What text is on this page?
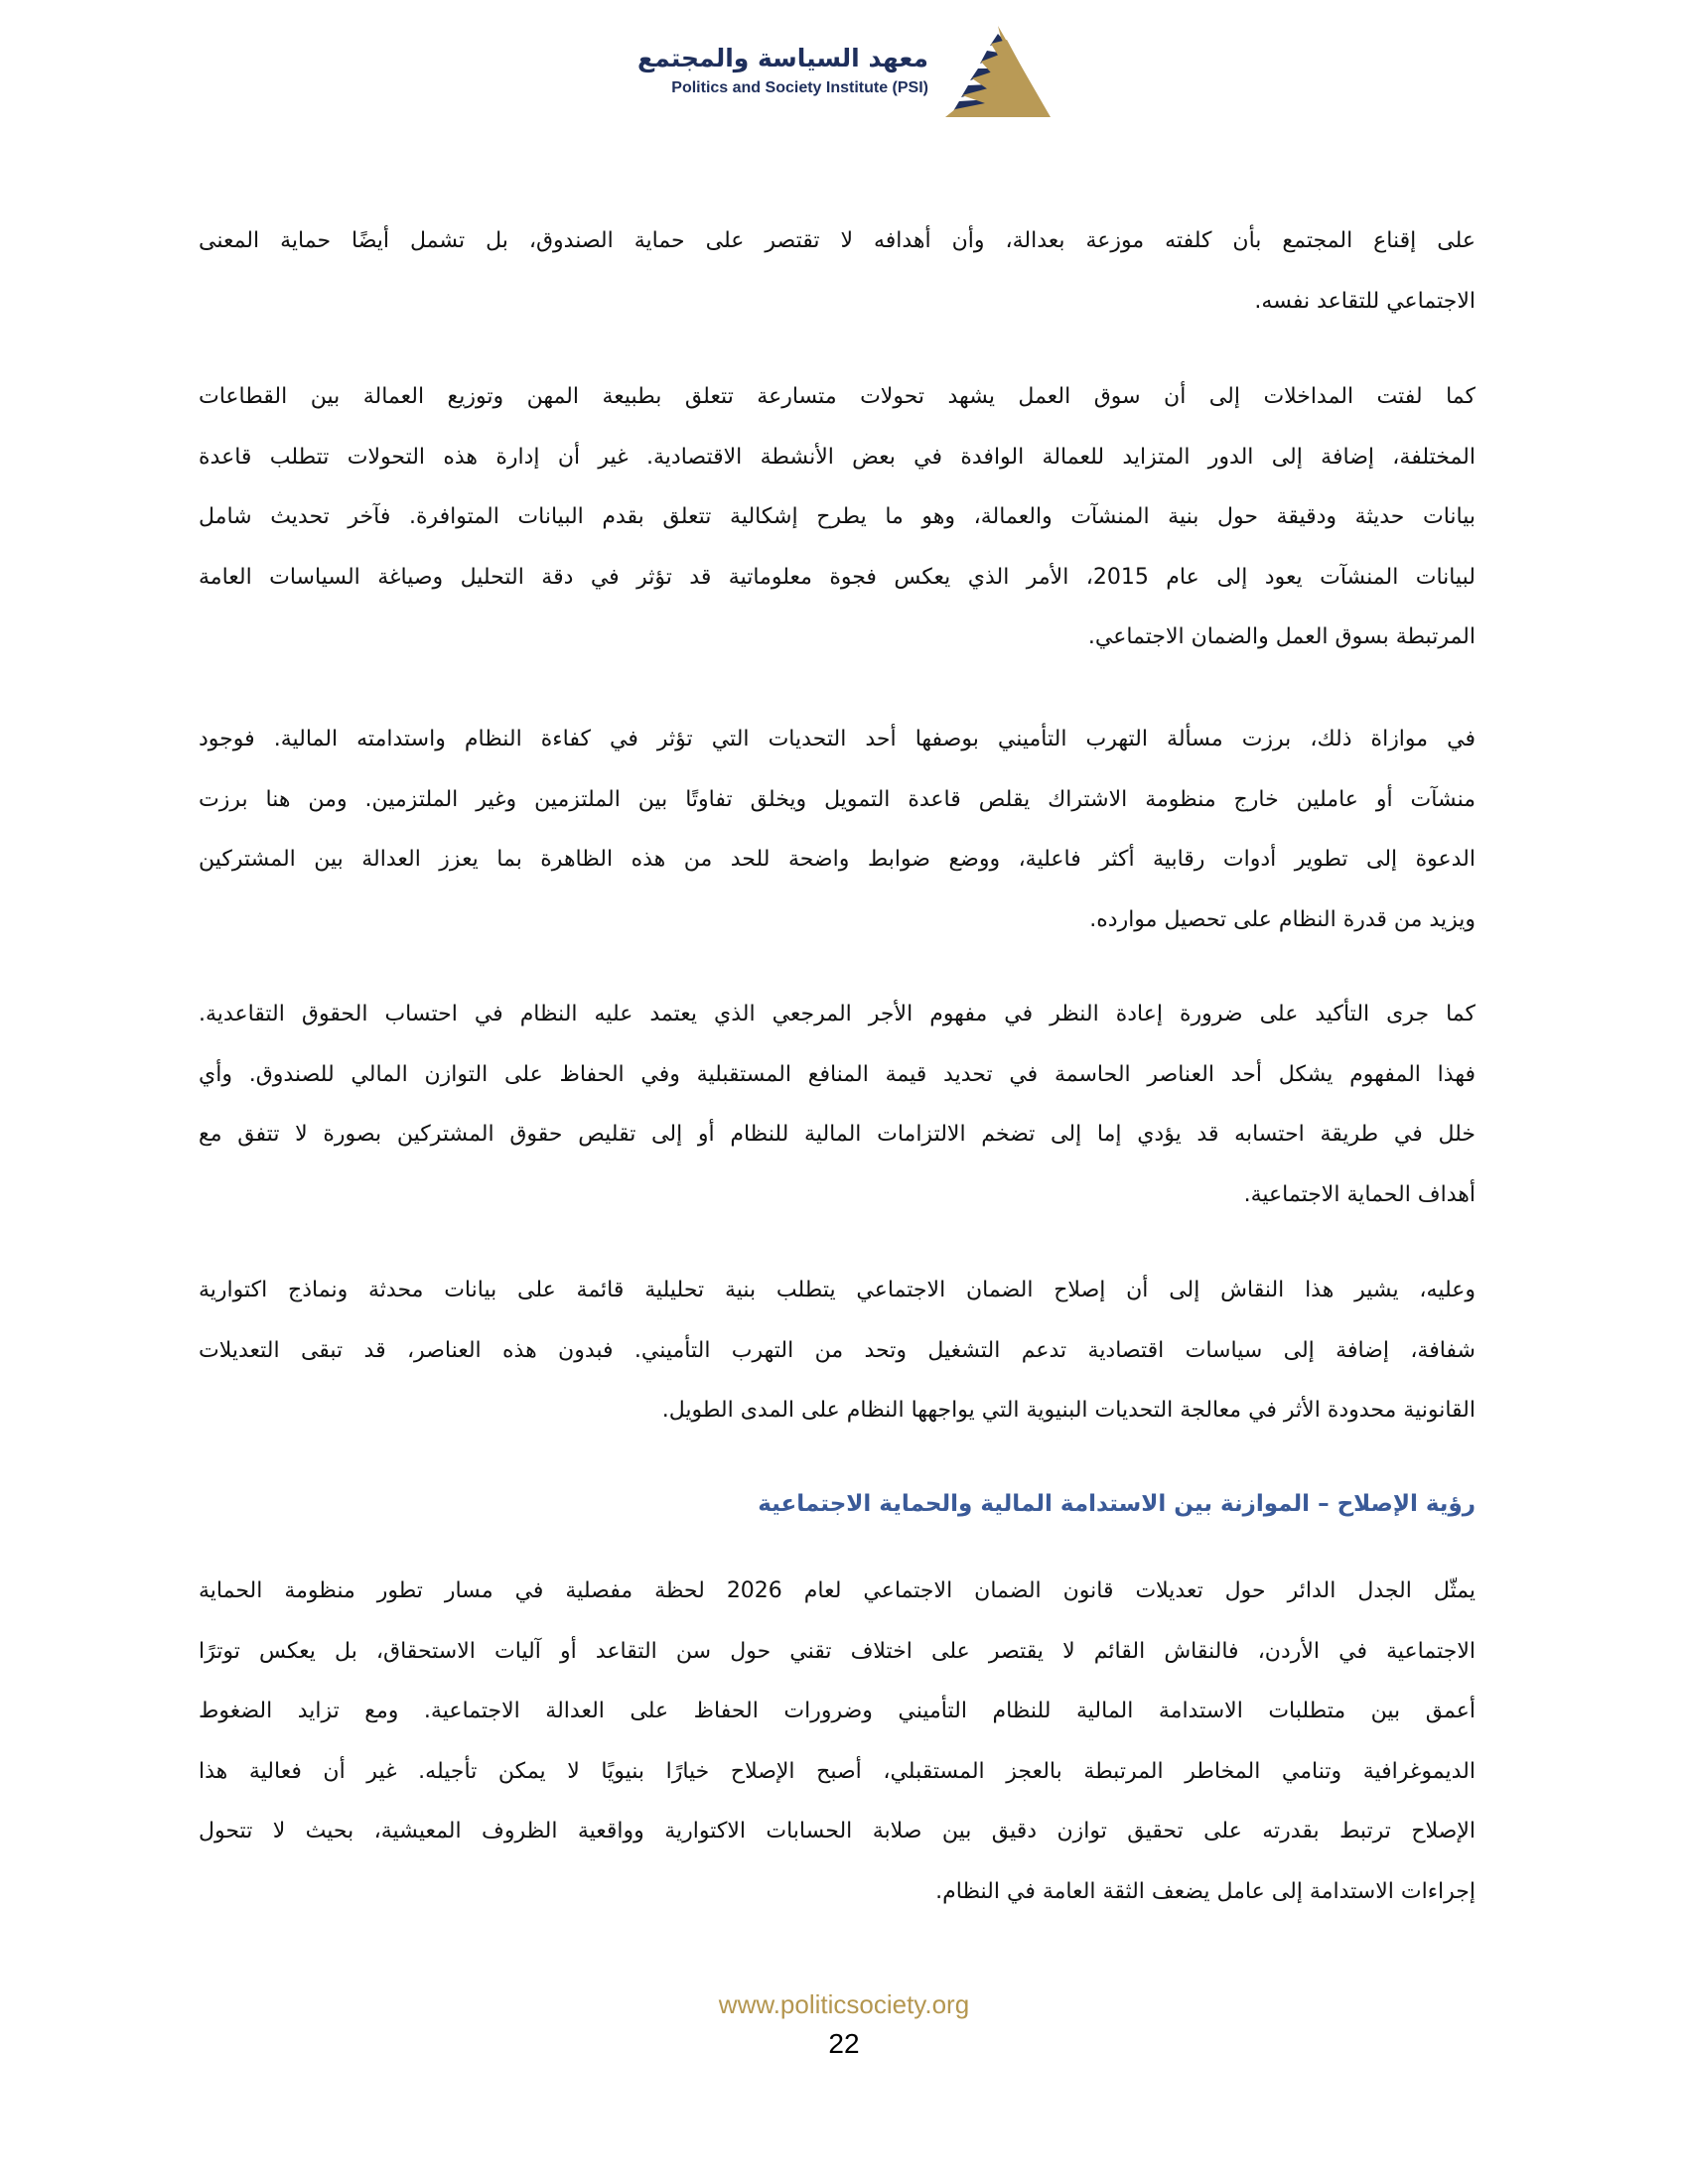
معهد السياسة والمجتمع
Politics and Society Institute (PSI)
على إقناع المجتمع بأن كلفته موزعة بعدالة، وأن أهدافه لا تقتصر على حماية الصندوق، بل تشمل أيضًا حماية المعنى
الاجتماعي للتقاعد نفسه.
كما لفتت المداخلات إلى أن سوق العمل يشهد تحولات متسارعة تتعلق بطبيعة المهن وتوزيع العمالة بين القطاعات
المختلفة، إضافة إلى الدور المتزايد للعمالة الوافدة في بعض الأنشطة الاقتصادية. غير أن إدارة هذه التحولات تتطلب قاعدة
بيانات حديثة ودقيقة حول بنية المنشآت والعمالة، وهو ما يطرح إشكالية تتعلق بقدم البيانات المتوافرة. فآخر تحديث شامل
لبيانات المنشآت يعود إلى عام 2015، الأمر الذي يعكس فجوة معلوماتية قد تؤثر في دقة التحليل وصياغة السياسات العامة
المرتبطة بسوق العمل والضمان الاجتماعي.
في موازاة ذلك، برزت مسألة التهرب التأميني بوصفها أحد التحديات التي تؤثر في كفاءة النظام واستدامته المالية. فوجود
منشآت أو عاملين خارج منظومة الاشتراك يقلص قاعدة التمويل ويخلق تفاوتًا بين الملتزمين وغير الملتزمين. ومن هنا برزت
الدعوة إلى تطوير أدوات رقابية أكثر فاعلية، ووضع ضوابط واضحة للحد من هذه الظاهرة بما يعزز العدالة بين المشتركين
ويزيد من قدرة النظام على تحصيل موارده.
كما جرى التأكيد على ضرورة إعادة النظر في مفهوم الأجر المرجعي الذي يعتمد عليه النظام في احتساب الحقوق التقاعدية.
فهذا المفهوم يشكل أحد العناصر الحاسمة في تحديد قيمة المنافع المستقبلية وفي الحفاظ على التوازن المالي للصندوق. وأي
خلل في طريقة احتسابه قد يؤدي إما إلى تضخم الالتزامات المالية للنظام أو إلى تقليص حقوق المشتركين بصورة لا تتفق مع
أهداف الحماية الاجتماعية.
وعليه، يشير هذا النقاش إلى أن إصلاح الضمان الاجتماعي يتطلب بنية تحليلية قائمة على بيانات محدثة ونماذج اكتوارية
شفافة، إضافة إلى سياسات اقتصادية تدعم التشغيل وتحد من التهرب التأميني. فبدون هذه العناصر، قد تبقى التعديلات
القانونية محدودة الأثر في معالجة التحديات البنيوية التي يواجهها النظام على المدى الطويل.
يمثّل الجدل الدائر حول تعديلات قانون الضمان الاجتماعي لعام 2026 لحظة مفصلية في مسار تطور منظومة الحماية
الاجتماعية في الأردن، فالنقاش القائم لا يقتصر على اختلاف تقني حول سن التقاعد أو آليات الاستحقاق، بل يعكس توترًا
أعمق بين متطلبات الاستدامة المالية للنظام التأميني وضرورات الحفاظ على العدالة الاجتماعية. ومع تزايد الضغوط
الديموغرافية وتنامي المخاطر المرتبطة بالعجز المستقبلي، أصبح الإصلاح خيارًا بنيويًا لا يمكن تأجيله. غير أن فعالية هذا
الإصلاح ترتبط بقدرته على تحقيق توازن دقيق بين صلابة الحسابات الاكتوارية وواقعية الظروف المعيشية، بحيث لا تتحول
إجراءات الاستدامة إلى عامل يضعف الثقة العامة في النظام.
رؤية الإصلاح – الموازنة بين الاستدامة المالية والحماية الاجتماعية
www.politicsociety.org
22
